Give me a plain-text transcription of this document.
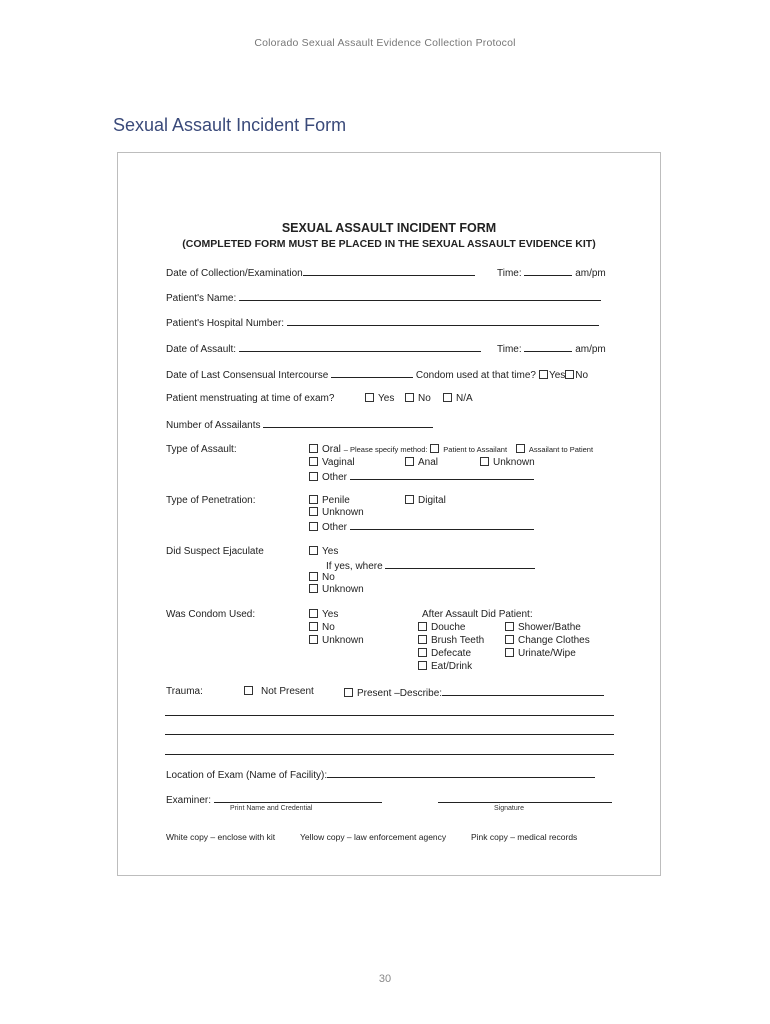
Colorado Sexual Assault Evidence Collection Protocol
Sexual Assault Incident Form
SEXUAL ASSAULT INCIDENT FORM
(COMPLETED FORM MUST BE PLACED IN THE SEXUAL ASSAULT EVIDENCE KIT)
Date of Collection/Examination	Time:	am/pm
Patient's Name:
Patient's Hospital Number:
Date of Assault:	Time:	am/pm
Date of Last Consensual Intercourse	Condom used at that time? Yes No
Patient menstruating at time of exam?	Yes	No	N/A
Number of Assailants
Type of Assault:	Oral – Please specify method: Patient to Assailant	Assailant to Patient
Vaginal	Anal	Unknown
Other
Type of Penetration:	Penile	Digital
Unknown
Other
Did Suspect Ejaculate	Yes
If yes, where
No
Unknown
Was Condom Used:	Yes
No
Unknown
After Assault Did Patient:
Douche	Shower/Bathe
Brush Teeth	Change Clothes
Defecate	Urinate/Wipe
Eat/Drink
Trauma:	Not Present	Present –Describe:
Location of Exam (Name of Facility):
Examiner:
Print Name and Credential	Signature
White copy – enclose with kit	Yellow copy – law enforcement agency	Pink copy – medical records
30
